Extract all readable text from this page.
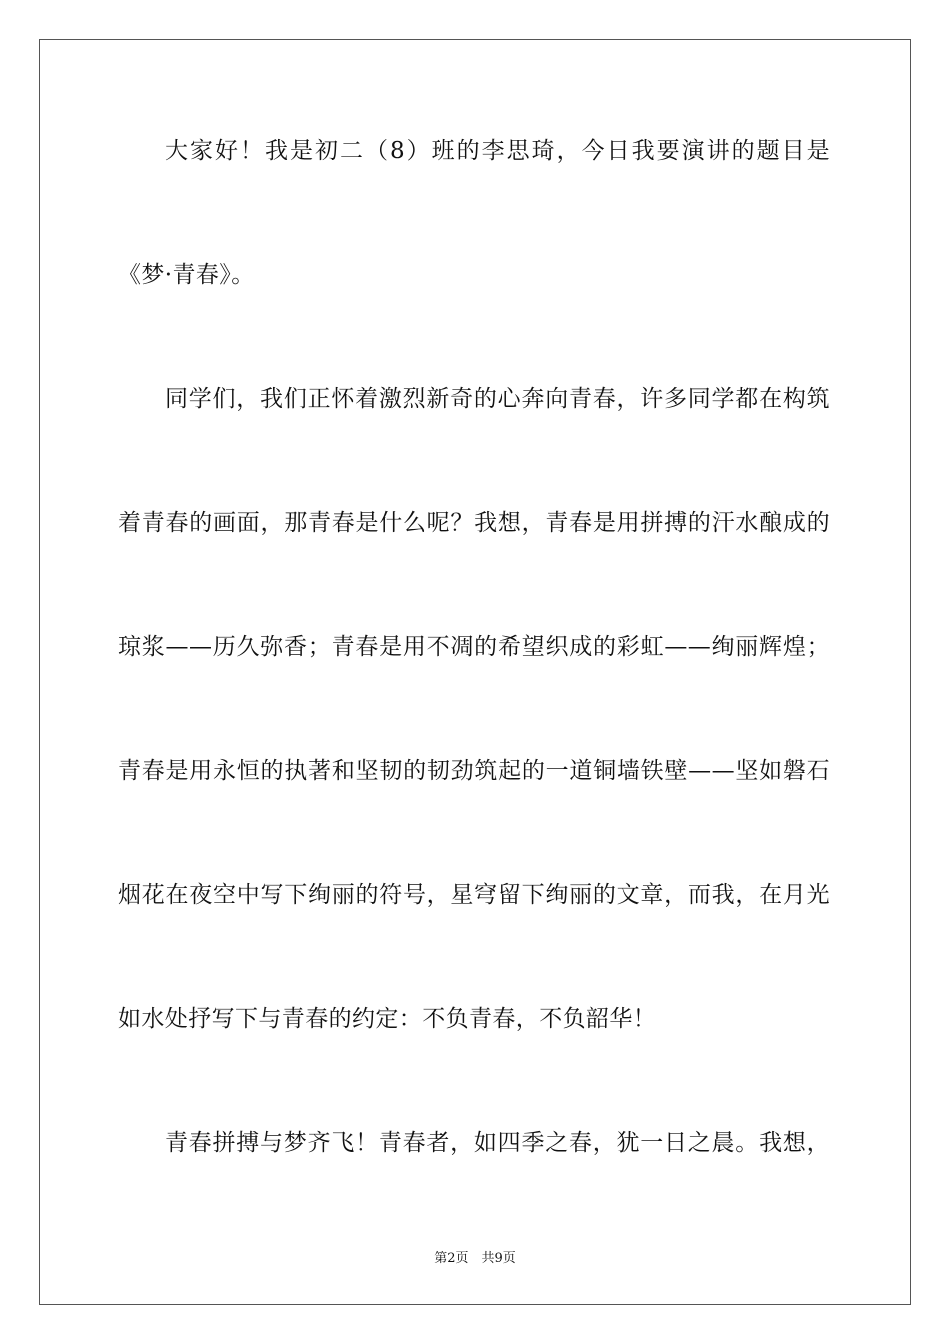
大家好！我是初二（8）班的李思琦，今日我要演讲的题目是
《梦·青春》。
同学们，我们正怀着激烈新奇的心奔向青春，许多同学都在构筑
着青春的画面，那青春是什么呢？我想，青春是用拼搏的汗水酿成的
琼浆——历久弥香；青春是用不凋的希望织成的彩虹——绚丽辉煌；
青春是用永恒的执著和坚韧的韧劲筑起的一道铜墙铁壁——坚如磐石
烟花在夜空中写下绚丽的符号，星穹留下绚丽的文章，而我，在月光
如水处抒写下与青春的约定：不负青春，不负韶华！
青春拼搏与梦齐飞！青春者，如四季之春，犹一日之晨。我想，
第2页　共9页
